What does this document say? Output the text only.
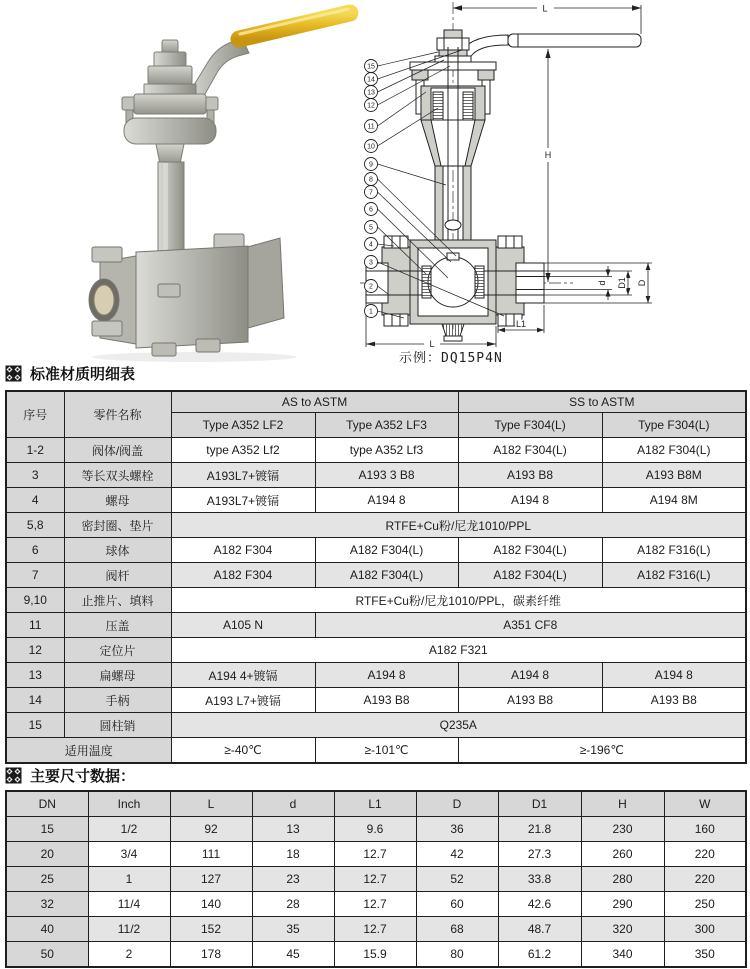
L
H
d D1 D
L1
L
15
14
13
12
11
10
9
8
7
6
5
4
3
2
1
示例：DQ15P4N
标准材质明细表
序号	零件名称	AS to ASTM		SS to ASTM	
		Type A352 LF2	Type A352 LF3	Type F304(L)	Type F304(L)
1-2	阀体/阀盖	type A352 Lf2	type A352 Lf3	A182 F304(L)	A182 F304(L)
3	等长双头螺栓	A193L7+镀镉	A193 3 B8	A193 B8	A193 B8M
4	螺母	A193L7+镀镉	A194 8	A194 8	A194 8M
5,8	密封圈、垫片	RTFE+Cu粉/尼龙1010/PPL			
6	球体	A182 F304	A182 F304(L)	A182 F304(L)	A182 F316(L)
7	阀杆	A182 F304	A182 F304(L)	A182 F304(L)	A182 F316(L)
9,10	止推片、填料	RTFE+Cu粉/尼龙1010/PPL，碳素纤维			
11	压盖	A105 N	A351 CF8		
12	定位片	A182 F321			
13	扁螺母	A194 4+镀镉	A194 8	A194 8	A194 8
14	手柄	A193 L7+镀镉	A193 B8	A193 B8	A193 B8
15	圆柱销	Q235A			
适用温度		≥-40℃	≥-101℃	≥-196℃	
主要尺寸数据：
DN	Inch	L	d	L1	D	D1	H	W
15	1/2	92	13	9.6	36	21.8	230	160
20	3/4	111	18	12.7	42	27.3	260	220
25	1	127	23	12.7	52	33.8	280	220
32	11/4	140	28	12.7	60	42.6	290	250
40	11/2	152	35	12.7	68	48.7	320	300
50	2	178	45	15.9	80	61.2	340	350
